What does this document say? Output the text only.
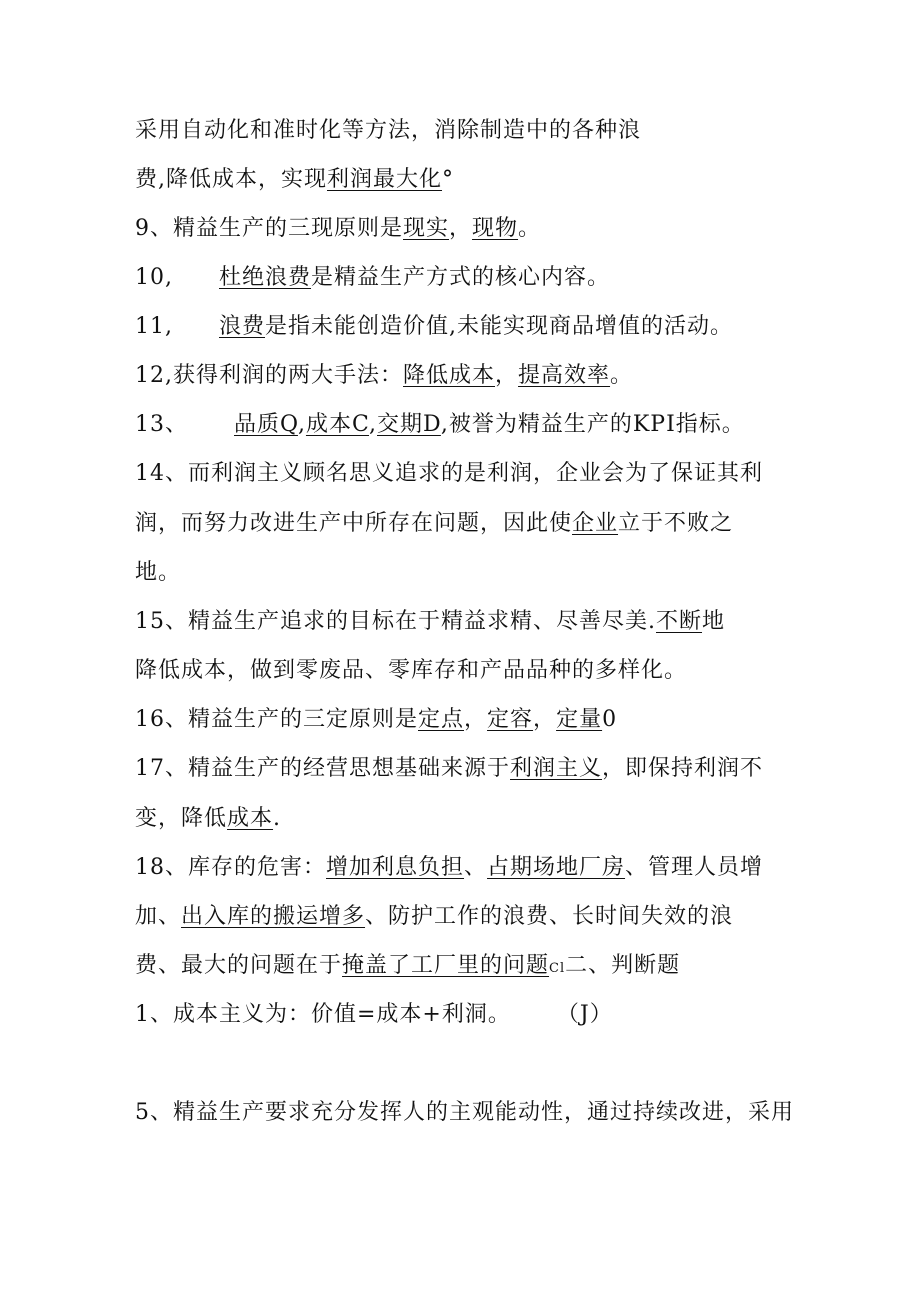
采用自动化和准时化等方法，消除制造中的各种浪
费,降低成本，实现利润最大化°
9、精益生产的三现原则是现实，现物。
10, 杜绝浪费是精益生产方式的核心内容。
11, 浪费是指未能创造价值,未能实现商品增值的活动。
12,获得利润的两大手法：降低成本，提高效率。
13、 品质Q,成本C,交期D,被誉为精益生产的KPI指标。
14、而利润主义顾名思义追求的是利润，企业会为了保证其利
润，而努力改进生产中所存在问题，因此使企业立于不败之
地。
15、精益生产追求的目标在于精益求精、尽善尽美.不断地
降低成本，做到零废品、零库存和产品品种的多样化。
16、精益生产的三定原则是定点，定容，定量0
17、精益生产的经营思想基础来源于利润主义，即保持利润不
变，降低成本.
18、库存的危害：增加利息负担、占期场地厂房、管理人员增
加、出入库的搬运增多、防护工作的浪费、长时间失效的浪
费、最大的问题在于掩盖了工厂里的问题Cl二、判断题
1、成本主义为：价值=成本+利洞。 （J）
5、精益生产要求充分发挥人的主观能动性，通过持续改进，采用
